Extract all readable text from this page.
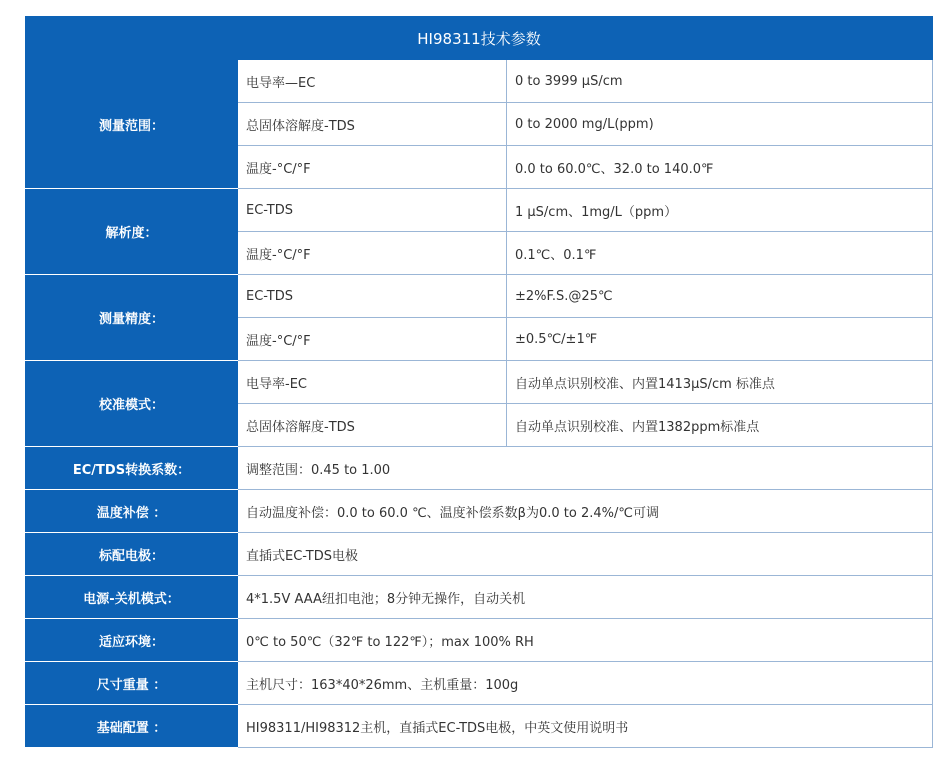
HI98311技术参数		
测量范围：	电导率—EC	0 to 3999 μS/cm
	总固体溶解度-TDS	0 to 2000 mg/L(ppm)
	温度-°C/°F	0.0 to 60.0℃、32.0 to 140.0℉
解析度：	EC-TDS	1 μS/cm、1mg/L（ppm）
	温度-°C/°F	0.1℃、0.1℉
测量精度：	EC-TDS	±2%F.S.@25℃
	温度-°C/°F	±0.5℃/±1℉
校准模式：	电导率-EC	自动单点识别校准、内置1413μS/cm 标准点
	总固体溶解度-TDS	自动单点识别校准、内置1382ppm标准点
EC/TDS转换系数：	调整范围：0.45 to 1.00	
温度补偿 ：	自动温度补偿：0.0 to 60.0 ℃、温度补偿系数β为0.0 to 2.4%/℃可调	
标配电极：	直插式EC-TDS电极	
电源-关机模式：	4*1.5V AAA纽扣电池；8分钟无操作，自动关机	
适应环境：	0℃ to 50℃（32℉ to 122℉）；max 100% RH	
尺寸重量 ：	主机尺寸：163*40*26mm、主机重量：100g	
基础配置 ：	HI98311/HI98312主机，直插式EC-TDS电极，中英文使用说明书	
